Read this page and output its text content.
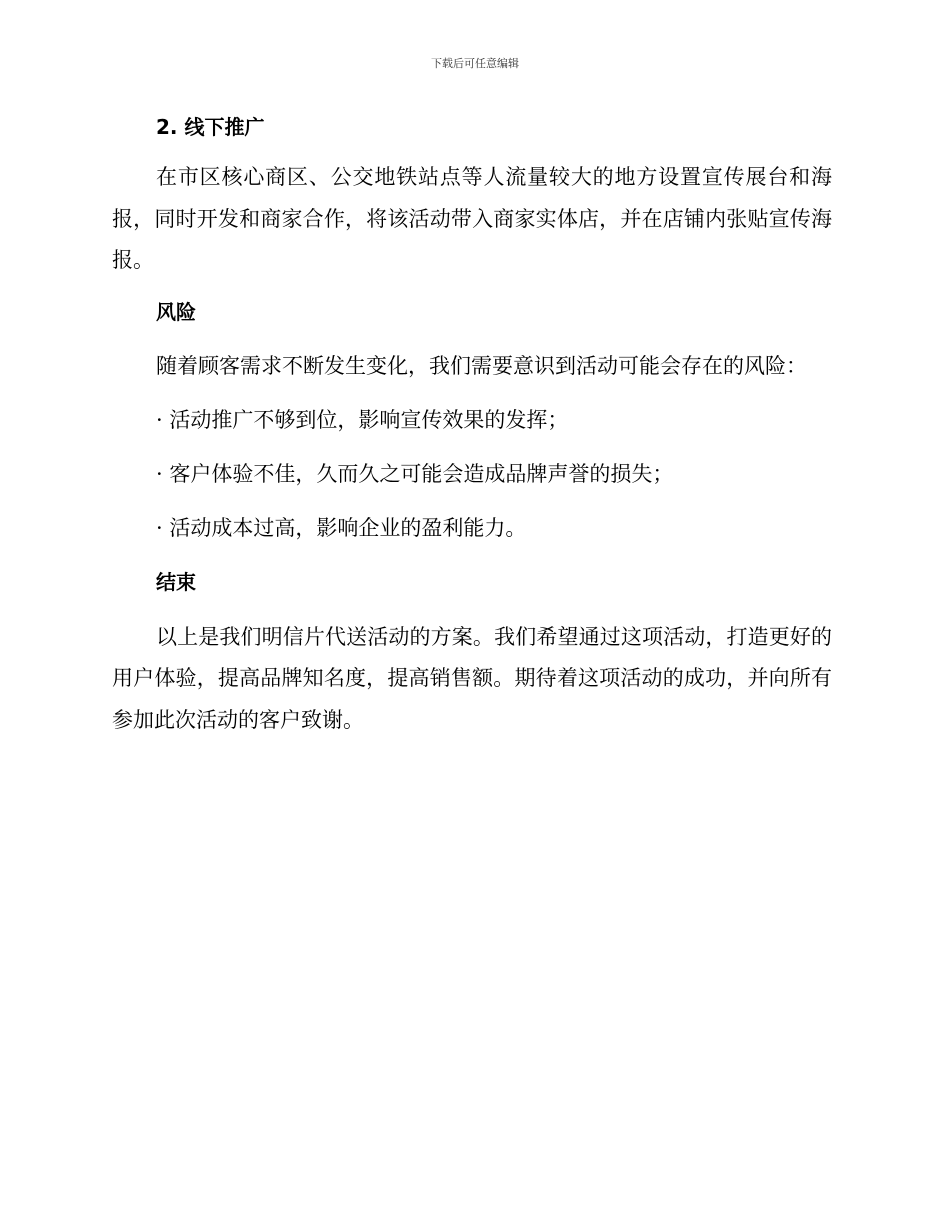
下载后可任意编辑
2. 线下推广

在市区核心商区、公交地铁站点等人流量较大的地方设置宣传展台和海报，同时开发和商家合作，将该活动带入商家实体店，并在店铺内张贴宣传海报。

风险

随着顾客需求不断发生变化，我们需要意识到活动可能会存在的风险：

· 活动推广不够到位，影响宣传效果的发挥；

· 客户体验不佳，久而久之可能会造成品牌声誉的损失；

· 活动成本过高，影响企业的盈利能力。

结束

以上是我们明信片代送活动的方案。我们希望通过这项活动，打造更好的用户体验，提高品牌知名度，提高销售额。期待着这项活动的成功，并向所有参加此次活动的客户致谢。
